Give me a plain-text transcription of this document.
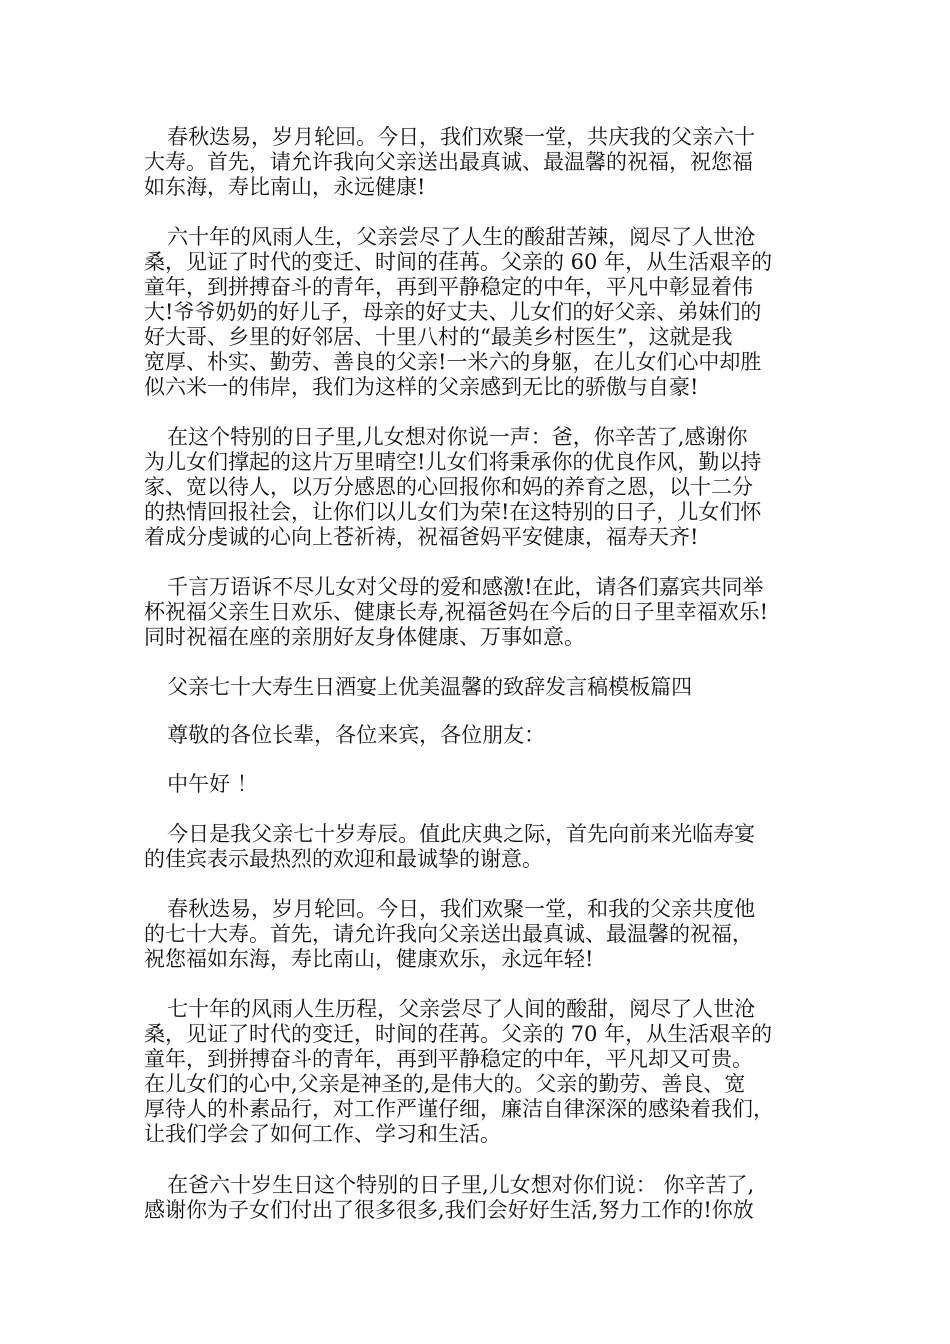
春秋迭易，岁月轮回。今日，我们欢聚一堂，共庆我的父亲六十
大寿。首先，请允许我向父亲送出最真诚、最温馨的祝福，祝您福
如东海，寿比南山，永远健康!

六十年的风雨人生，父亲尝尽了人生的酸甜苦辣，阅尽了人世沧
桑，见证了时代的变迁、时间的荏苒。父亲的 60 年，从生活艰辛的
童年，到拼搏奋斗的青年，再到平静稳定的中年，平凡中彰显着伟
大!爷爷奶奶的好儿子，母亲的好丈夫、儿女们的好父亲、弟妹们的
好大哥、乡里的好邻居、十里八村的“最美乡村医生”，这就是我
宽厚、朴实、勤劳、善良的父亲!一米六的身躯，在儿女们心中却胜
似六米一的伟岸，我们为这样的父亲感到无比的骄傲与自豪!

在这个特别的日子里,儿女想对你说一声：爸，你辛苦了,感谢你
为儿女们撑起的这片万里晴空!儿女们将秉承你的优良作风，勤以持
家、宽以待人，以万分感恩的心回报你和妈的养育之恩，以十二分
的热情回报社会，让你们以儿女们为荣!在这特别的日子，儿女们怀
着成分虔诚的心向上苍祈祷，祝福爸妈平安健康，福寿天齐!

千言万语诉不尽儿女对父母的爱和感激!在此，请各们嘉宾共同举
杯祝福父亲生日欢乐、健康长寿,祝福爸妈在今后的日子里幸福欢乐!
同时祝福在座的亲朋好友身体健康、万事如意。

父亲七十大寿生日酒宴上优美温馨的致辞发言稿模板篇四

尊敬的各位长辈，各位来宾，各位朋友：

中午好 ！

今日是我父亲七十岁寿辰。值此庆典之际，首先向前来光临寿宴
的佳宾表示最热烈的欢迎和最诚挚的谢意。

春秋迭易，岁月轮回。今日，我们欢聚一堂，和我的父亲共度他
的七十大寿。首先，请允许我向父亲送出最真诚、最温馨的祝福，
祝您福如东海，寿比南山，健康欢乐，永远年轻!

七十年的风雨人生历程，父亲尝尽了人间的酸甜，阅尽了人世沧
桑，见证了时代的变迁，时间的荏苒。父亲的 70 年，从生活艰辛的
童年，到拼搏奋斗的青年，再到平静稳定的中年，平凡却又可贵。
在儿女们的心中,父亲是神圣的,是伟大的。父亲的勤劳、善良、宽
厚待人的朴素品行，对工作严谨仔细，廉洁自律深深的感染着我们，
让我们学会了如何工作、学习和生活。

在爸六十岁生日这个特别的日子里,儿女想对你们说： 你辛苦了,
感谢你为子女们付出了很多很多,我们会好好生活,努力工作的!你放
